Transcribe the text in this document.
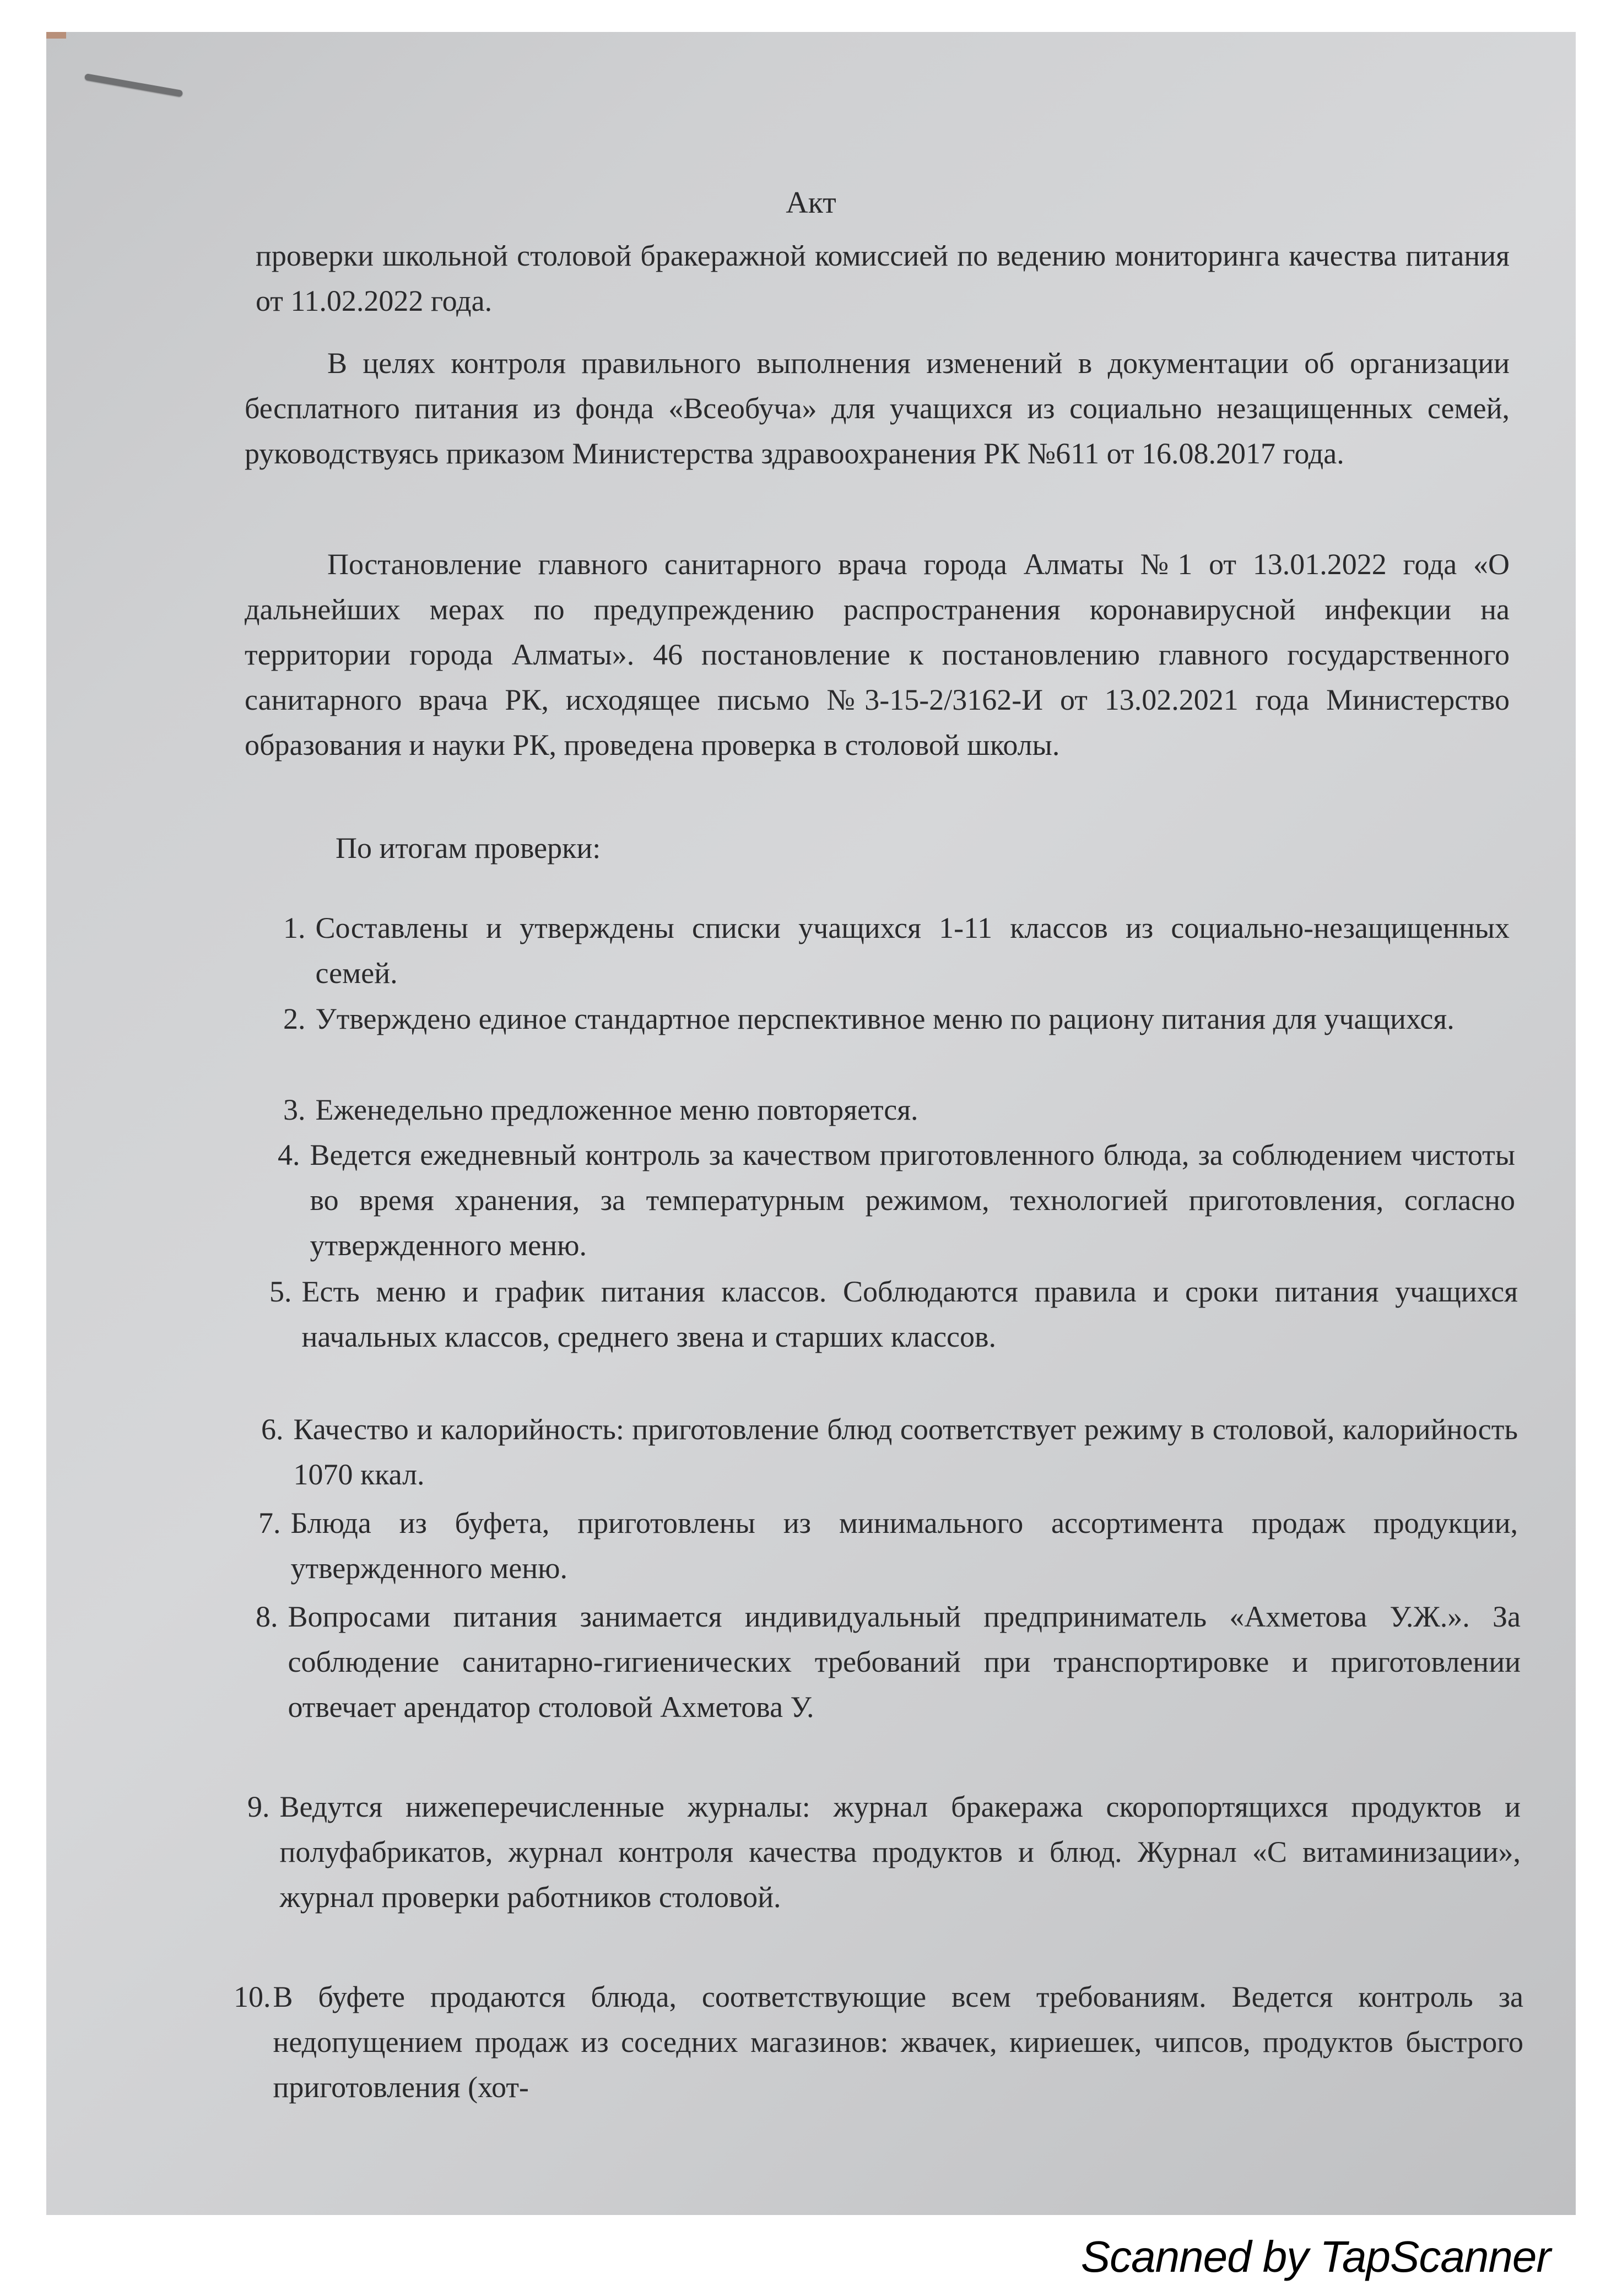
Акт
проверки школьной столовой бракеражной комиссией по ведению мониторинга качества питания от 11.02.2022 года.
В целях контроля правильного выполнения изменений в документации об организации бесплатного питания из фонда «Всеобуча» для учащихся из социально незащищенных семей, руководствуясь приказом Министерства здравоохранения РК №611 от 16.08.2017 года.
Постановление главного санитарного врача города Алматы №1 от 13.01.2022 года «О дальнейших мерах по предупреждению распространения коронавирусной инфекции на территории города Алматы». 46 постановление к постановлению главного государственного санитарного врача РК, исходящее письмо №3-15-2/3162-И от 13.02.2021 года Министерство образования и науки РК, проведена проверка в столовой школы.
По итогам проверки:
1. Составлены и утверждены списки учащихся 1-11 классов из социально-незащищенных семей.
2. Утверждено единое стандартное перспективное меню по рациону питания для учащихся.
3. Еженедельно предложенное меню повторяется.
4. Ведется ежедневный контроль за качеством приготовленного блюда, за соблюдением чистоты во время хранения, за температурным режимом, технологией приготовления, согласно утвержденного меню.
5. Есть меню и график питания классов. Соблюдаются правила и сроки питания учащихся начальных классов, среднего звена и старших классов.
6. Качество и калорийность: приготовление блюд соответствует режиму в столовой, калорийность 1070 ккал.
7. Блюда из буфета, приготовлены из минимального ассортимента продаж продукции, утвержденного меню.
8. Вопросами питания занимается индивидуальный предприниматель «Ахметова У.Ж.». За соблюдение санитарно-гигиенических требований при транспортировке и приготовлении отвечает арендатор столовой Ахметова У.
9. Ведутся нижеперечисленные журналы: журнал бракеража скоропортящихся продуктов и полуфабрикатов, журнал контроля качества продуктов и блюд. Журнал «С витаминизации», журнал проверки работников столовой.
10. В буфете продаются блюда, соответствующие всем требованиям. Ведется контроль за недопущением продаж из соседних магазинов: жвачек, кириешек, чипсов, продуктов быстрого приготовления (хот-
Scanned by TapScanner
